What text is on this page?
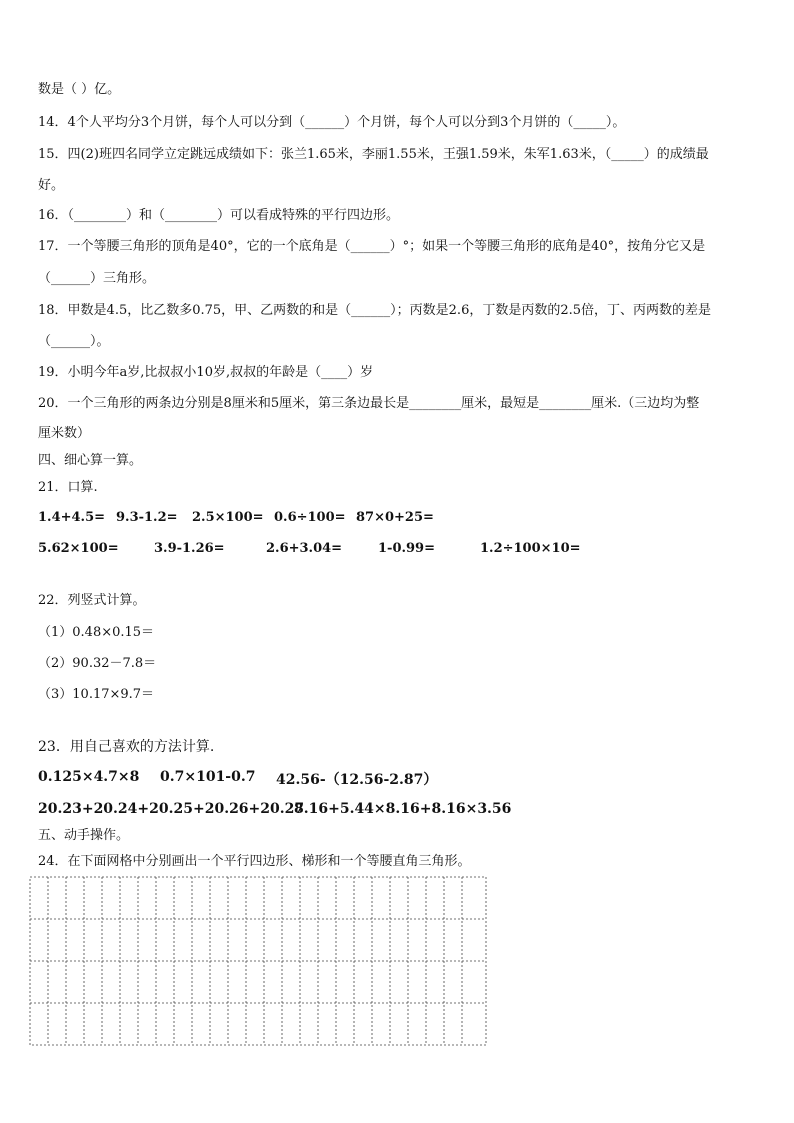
数是（ ）亿。
14．4个人平均分3个月饼，每个人可以分到（______）个月饼，每个人可以分到3个月饼的（_____）。
15．四(2)班四名同学立定跳远成绩如下：张兰1.65米，李丽1.55米，王强1.59米，朱军1.63米，（_____）的成绩最
好。
16．（________）和（________）可以看成特殊的平行四边形。
17．一个等腰三角形的顶角是40°，它的一个底角是（______）°；如果一个等腰三角形的底角是40°，按角分它又是
（______）三角形。
18．甲数是4.5，比乙数多0.75，甲、乙两数的和是（______）；丙数是2.6，丁数是丙数的2.5倍，丁、丙两数的差是
（______）。
19．小明今年a岁,比叔叔小10岁,叔叔的年龄是（____）岁
20．一个三角形的两条边分别是8厘米和5厘米，第三条边最长是________厘米，最短是________厘米.（三边均为整
厘米数）
四、细心算一算。
21．口算.
1.4+4.5= 9.3-1.2= 2.5×100= 0.6÷100= 87×0+25=
5.62×100=	3.9-1.26=	2.6+3.04=	1-0.99=	1.2÷100×10=
22．列竖式计算。
（1）0.48×0.15＝
（2）90.32－7.8＝
（3）10.17×9.7＝
23．用自己喜欢的方法计算.
0.125×4.7×8 0.7×101-0.7 42.56-（12.56-2.87）
20.23+20.24+20.25+20.26+20.27
8.16+5.44×8.16+8.16×3.56
五、动手操作。
24．在下面网格中分别画出一个平行四边形、梯形和一个等腰直角三角形。
